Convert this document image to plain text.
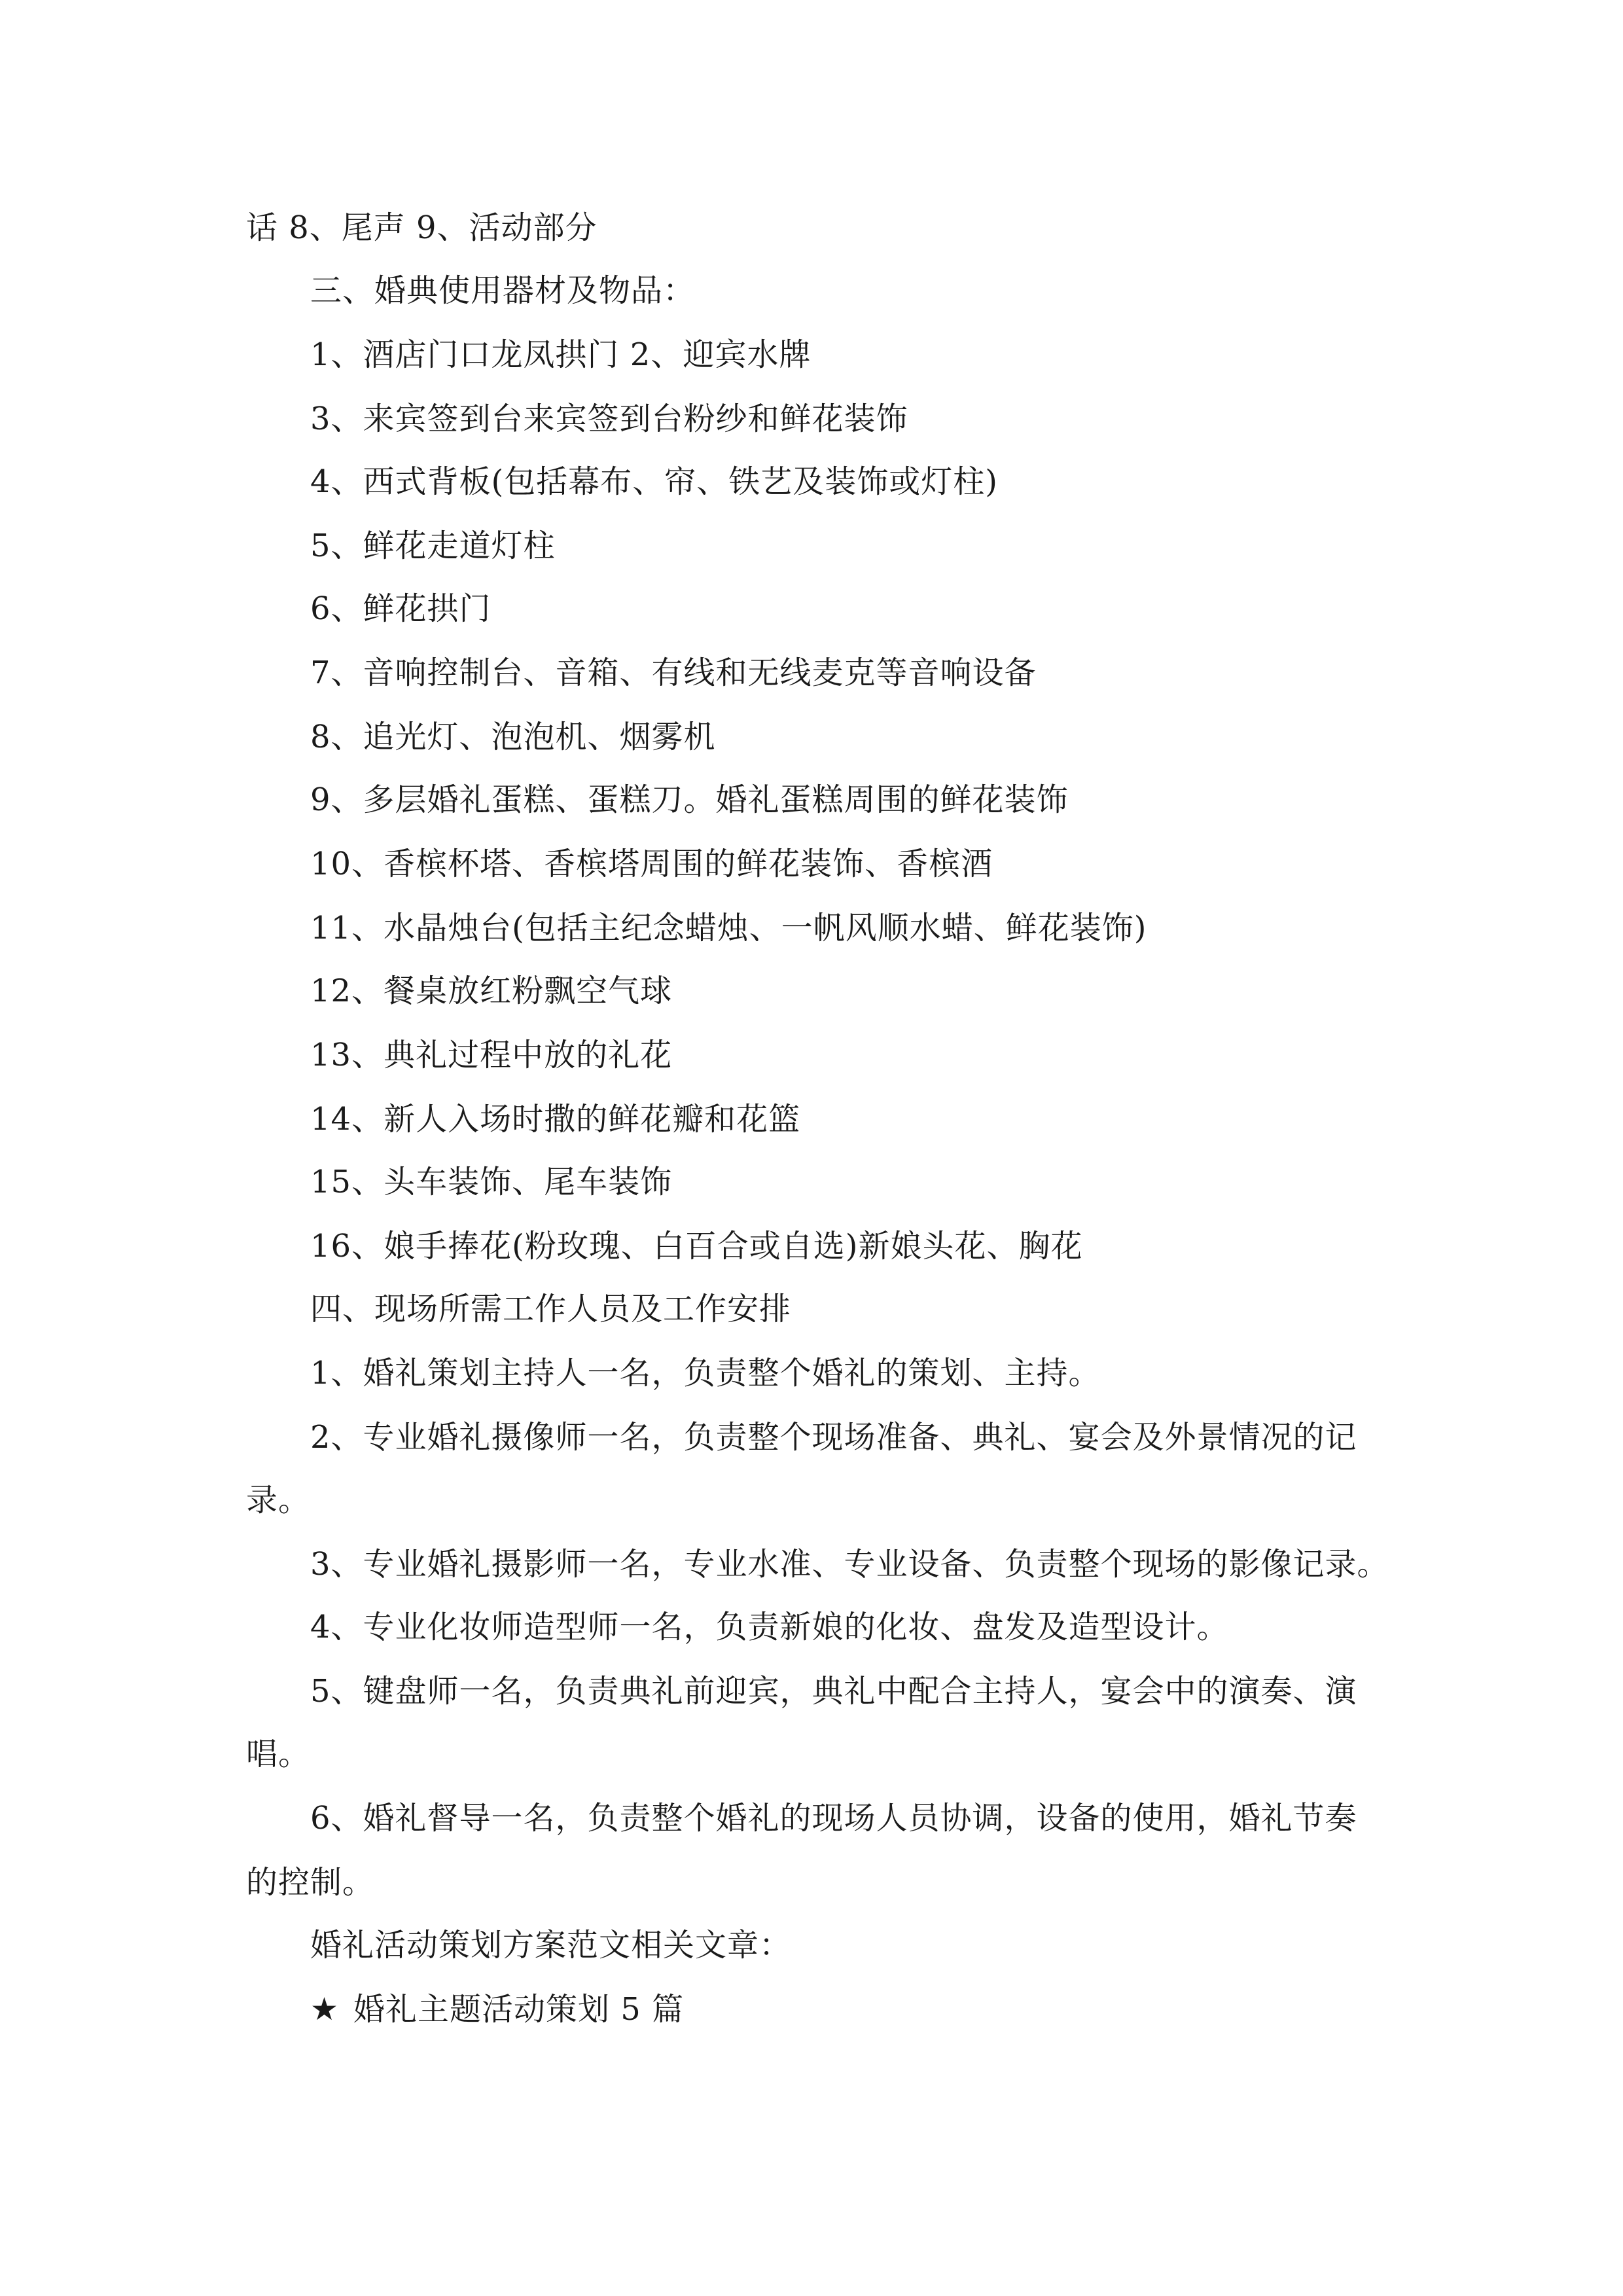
话 8、尾声 9、活动部分
三、婚典使用器材及物品：
1、酒店门口龙凤拱门 2、迎宾水牌
3、来宾签到台来宾签到台粉纱和鲜花装饰
4、西式背板(包括幕布、帘、铁艺及装饰或灯柱)
5、鲜花走道灯柱
6、鲜花拱门
7、音响控制台、音箱、有线和无线麦克等音响设备
8、追光灯、泡泡机、烟雾机
9、多层婚礼蛋糕、蛋糕刀。婚礼蛋糕周围的鲜花装饰
10、香槟杯塔、香槟塔周围的鲜花装饰、香槟酒
11、水晶烛台(包括主纪念蜡烛、一帆风顺水蜡、鲜花装饰)
12、餐桌放红粉飘空气球
13、典礼过程中放的礼花
14、新人入场时撒的鲜花瓣和花篮
15、头车装饰、尾车装饰
16、娘手捧花(粉玫瑰、白百合或自选)新娘头花、胸花
四、现场所需工作人员及工作安排
1、婚礼策划主持人一名，负责整个婚礼的策划、主持。
2、专业婚礼摄像师一名，负责整个现场准备、典礼、宴会及外景情况的记
录。
3、专业婚礼摄影师一名，专业水准、专业设备、负责整个现场的影像记录。
4、专业化妆师造型师一名，负责新娘的化妆、盘发及造型设计。
5、键盘师一名，负责典礼前迎宾，典礼中配合主持人，宴会中的演奏、演
唱。
6、婚礼督导一名，负责整个婚礼的现场人员协调，设备的使用，婚礼节奏
的控制。
婚礼活动策划方案范文相关文章：
★ 婚礼主题活动策划 5 篇
